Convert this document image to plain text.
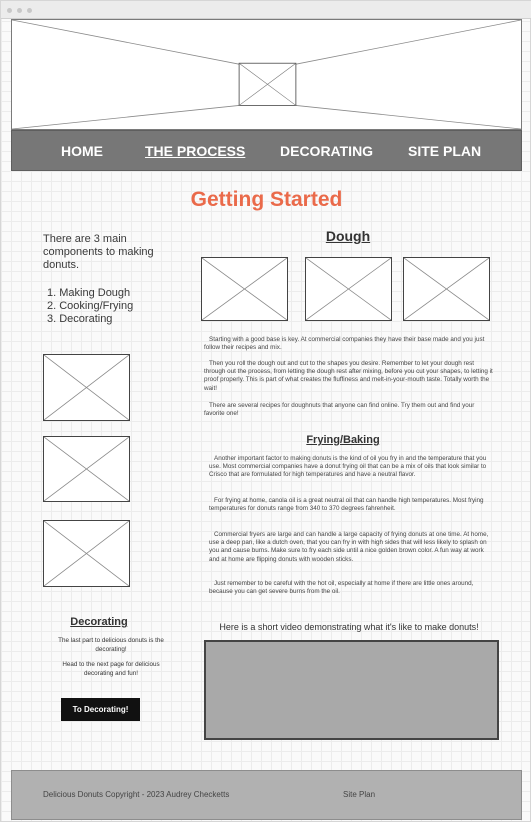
HOME	THE PROCESS DECORATING SITE PLAN
Getting Started
There are 3 main components to making donuts.
1. Making Dough
2. Cooking/Frying
3. Decorating
Decorating
The last part to delicious donuts is the decorating!
Head to the next page for delicious decorating and fun!
To Decorating!
Dough
Starting with a good base is key. At commercial companies they have their base made and you just follow their recipes and mix.
Then you roll the dough out and cut to the shapes you desire. Remember to let your dough rest through out the process, from letting the dough rest after mixing, before you cut your shapes, to letting it proof properly. This is part of what creates the fluffiness and melt-in-your-mouth taste. Totally worth the wait!
There are several recipes for doughnuts that anyone can find online. Try them out and find your favorite one!
Frying/Baking
Another important factor to making donuts is the kind of oil you fry in and the temperature that you use. Most commercial companies have a donut frying oil that can be a mix of oils that look similar to Crisco that are formulated for high temperatures and have a neutral flavor.
For frying at home, canola oil is a great neutral oil that can handle high temperatures. Most frying temperatures for donuts range from 340 to 370 degrees fahrenheit.
Commercial fryers are large and can handle a large capacity of frying donuts at one time. At home, use a deep pan, like a dutch oven, that you can fry in with high sides that will less likely to splash on you and cause burns. Make sure to fry each side until a nice golden brown color. A fun way at work and at home are flipping donuts with wooden sticks.
Just remember to be careful with the hot oil, especially at home if there are little ones around, because you can get severe burns from the oil.
Here is a short video demonstrating what it's like to make donuts!
Delicious Donuts Copyright - 2023 Audrey Checketts	Site Plan
